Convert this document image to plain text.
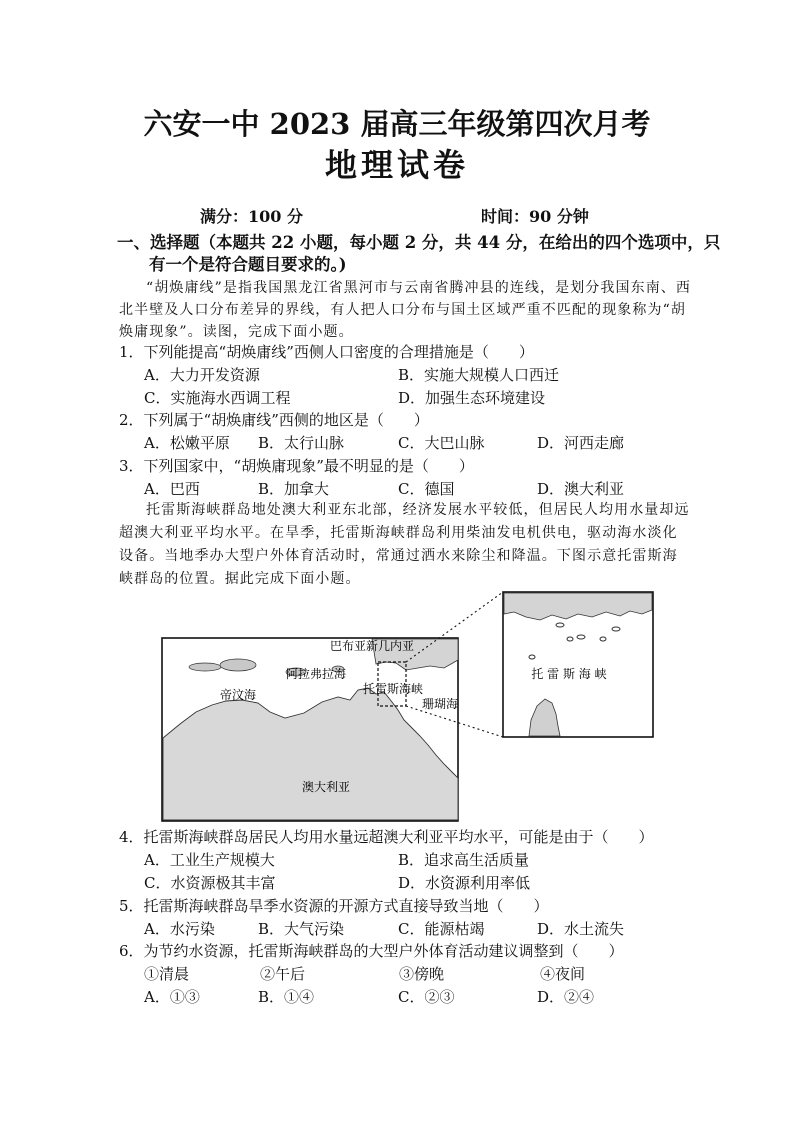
六安一中 2023 届高三年级第四次月考
地理试卷
满分：100 分	时间：90 分钟
一、选择题（本题共 22 小题，每小题 2 分，共 44 分，在给出的四个选项中，只
有一个是符合题目要求的。)
“胡焕庸线”是指我国黑龙江省黑河市与云南省腾冲县的连线，是划分我国东南、西
北半壁及人口分布差异的界线，有人把人口分布与国土区域严重不匹配的现象称为“胡
焕庸现象”。读图，完成下面小题。
1．下列能提高“胡焕庸线”西侧人口密度的合理措施是（　　）
A．大力开发资源	B．实施大规模人口西迁
C．实施海水西调工程	D．加强生态环境建设
2．下列属于“胡焕庸线”西侧的地区是（　　）
A．松嫩平原 B．太行山脉	C．大巴山脉	D．河西走廊
3．下列国家中，“胡焕庸现象”最不明显的是（　　）
A．巴西	B．加拿大	C．德国	D．澳大利亚
托雷斯海峡群岛地处澳大利亚东北部，经济发展水平较低，但居民人均用水量却远
超澳大利亚平均水平。在旱季，托雷斯海峡群岛利用柴油发电机供电，驱动海水淡化
设备。当地季办大型户外体育活动时，常通过洒水来除尘和降温。下图示意托雷斯海
峡群岛的位置。据此完成下面小题。
巴布亚新几内亚
阿拉弗拉海
帝汶海	托雷斯海峡
珊瑚海
澳大利亚
托 雷 斯 海 峡
4．托雷斯海峡群岛居民人均用水量远超澳大利亚平均水平，可能是由于（　　）
A．工业生产规模大	B．追求高生活质量
C．水资源极其丰富	D．水资源利用率低
5．托雷斯海峡群岛旱季水资源的开源方式直接导致当地（　　）
A．水污染	B．大气污染	C．能源枯竭	D．水土流失
6．为节约水资源，托雷斯海峡群岛的大型户外体育活动建议调整到（　　）
①清晨	②午后	③傍晚	④夜间
A．①③	B．①④	C．②③	D．②④
